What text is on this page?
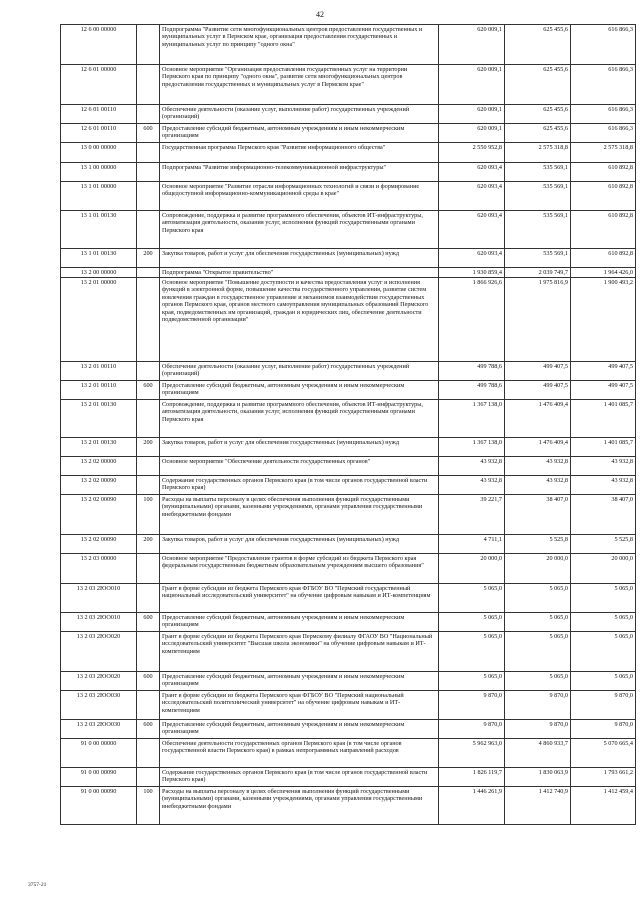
42
12 6 00 00000		Подпрограмма "Развитие сети многофункциональных центров предоставления государственных и муниципальных услуг в Пермском крае, организация предоставления государственных и муниципальных услуг по принципу "одного окна"	620 009,1	625 455,6	616 866,3
12 6 01 00000		Основное мероприятие "Организация предоставления государственных услуг на территории Пермского края по принципу "одного окна", развитие сети многофункциональных центров предоставления государственных и муниципальных услуг в Пермском крае"	620 009,1	625 455,6	616 866,3
12 6 01 00110		Обеспечение деятельности (оказание услуг, выполнение работ) государственных учреждений (организаций)	620 009,1	625 455,6	616 866,3
12 6 01 00110	600	Предоставление субсидий бюджетным, автономным учреждениям и иным некоммерческим организациям	620 009,1	625 455,6	616 866,3
13 0 00 00000		Государственная программа Пермского края "Развитие информационного общества"	2 550 952,8	2 575 318,8	2 575 318,8
13 1 00 00000		Подпрограмма "Развитие информационно-телекоммуникационной инфраструктуры"	620 093,4	535 569,1	610 892,8
13 1 01 00000		Основное мероприятие "Развитие отрасли информационных технологий и связи и формирование общедоступной информационно-коммуникационной среды в крае"	620 093,4	535 569,1	610 892,8
13 1 01 00130		Сопровождение, поддержка и развитие программного обеспечения, объектов ИТ-инфраструктуры, автоматизация деятельности, оказания услуг, исполнения функций государственными органами Пермского края	620 093,4	535 569,1	610 892,8
13 1 01 00130	200	Закупка товаров, работ и услуг для обеспечения государственных (муниципальных) нужд	620 093,4	535 569,1	610 892,8
13 2 00 00000		Подпрограмма "Открытое правительство"	1 930 859,4	2 039 749,7	1 964 426,0
13 2 01 00000		Основное мероприятие "Повышение доступности и качества предоставления услуг и исполнения функций в электронной форме, повышение качества государственного управления, развитие систем вовлечения граждан в государственное управление и механизмов взаимодействия государственных органов Пермского края, органов местного самоуправления муниципальных образований Пермского края, подведомственных им организаций, граждан и юридических лиц, обеспечение деятельности подведомственной организации"	1 866 926,6	1 975 816,9	1 900 493,2
13 2 01 00110		Обеспечение деятельности (оказание услуг, выполнение работ) государственных учреждений (организаций)	499 788,6	499 407,5	499 407,5
13 2 01 00110	600	Предоставление субсидий бюджетным, автономным учреждениям и иным некоммерческим организациям	499 788,6	499 407,5	499 407,5
13 2 01 00130		Сопровождение, поддержка и развитие программного обеспечения, объектов ИТ-инфраструктуры, автоматизация деятельности, оказания услуг, исполнения функций государственными органами Пермского края	1 367 138,0	1 476 409,4	1 401 085,7
13 2 01 00130	200	Закупка товаров, работ и услуг для обеспечения государственных (муниципальных) нужд	1 367 138,0	1 476 409,4	1 401 085,7
13 2 02 00000		Основное мероприятие "Обеспечение деятельности государственных органов"	43 932,8	43 932,8	43 932,8
13 2 02 00090		Содержание государственных органов Пермского края (в том числе органов государственной власти Пермского края)	43 932,8	43 932,8	43 932,8
13 2 02 00090	100	Расходы на выплаты персоналу в целях обеспечения выполнения функций государственными (муниципальными) органами, казенными учреждениями, органами управления государственными внебюджетными фондами	39 221,7	38 407,0	38 407,0
13 2 02 00090	200	Закупка товаров, работ и услуг для обеспечения государственных (муниципальных) нужд	4 711,1	5 525,8	5 525,8
13 2 03 00000		Основное мероприятие "Предоставление грантов в форме субсидий из бюджета Пермского края федеральным государственным бюджетным образовательным учреждениям высшего образования"	20 000,0	20 000,0	20 000,0
13 2 03 2ЮО010		Грант в форме субсидии из бюджета Пермского края ФГБОУ ВО "Пермский государственный национальный исследовательский университет" на обучение цифровым навыкам и ИТ-компетенциям	5 065,0	5 065,0	5 065,0
13 2 03 2ЮО010	600	Предоставление субсидий бюджетным, автономным учреждениям и иным некоммерческим организациям	5 065,0	5 065,0	5 065,0
13 2 03 2ЮО020		Грант в форме субсидии из бюджета Пермского края Пермскому филиалу ФГАОУ ВО "Национальный исследовательский университет "Высшая школа экономики" на обучение цифровым навыкам и ИТ-компетенциям	5 065,0	5 065,0	5 065,0
13 2 03 2ЮО020	600	Предоставление субсидий бюджетным, автономным учреждениям и иным некоммерческим организациям	5 065,0	5 065,0	5 065,0
13 2 03 2ЮО030		Грант в форме субсидии из бюджета Пермского края ФГБОУ ВО "Пермский национальный исследовательский политехнический университет" на обучение цифровым навыкам и ИТ-компетенциям	9 870,0	9 870,0	9 870,0
13 2 03 2ЮО030	600	Предоставление субсидий бюджетным, автономным учреждениям и иным некоммерческим организациям	9 870,0	9 870,0	9 870,0
91 0 00 00000		Обеспечение деятельности государственных органов Пермского края (в том числе органов государственной власти Пермского края) в рамках непрограммных направлений расходов	5 962 963,0	4 860 933,7	5 070 665,4
91 0 00 00090		Содержание государственных органов Пермского края (в том числе органов государственной власти Пермского края)	1 826 119,7	1 830 063,9	1 793 661,2
91 0 00 00090	100	Расходы на выплаты персоналу в целях обеспечения выполнения функций государственными (муниципальными) органами, казенными учреждениями, органами управления государственными внебюджетными фондами	1 446 261,9	1 412 740,9	1 412 459,4
3757-21
